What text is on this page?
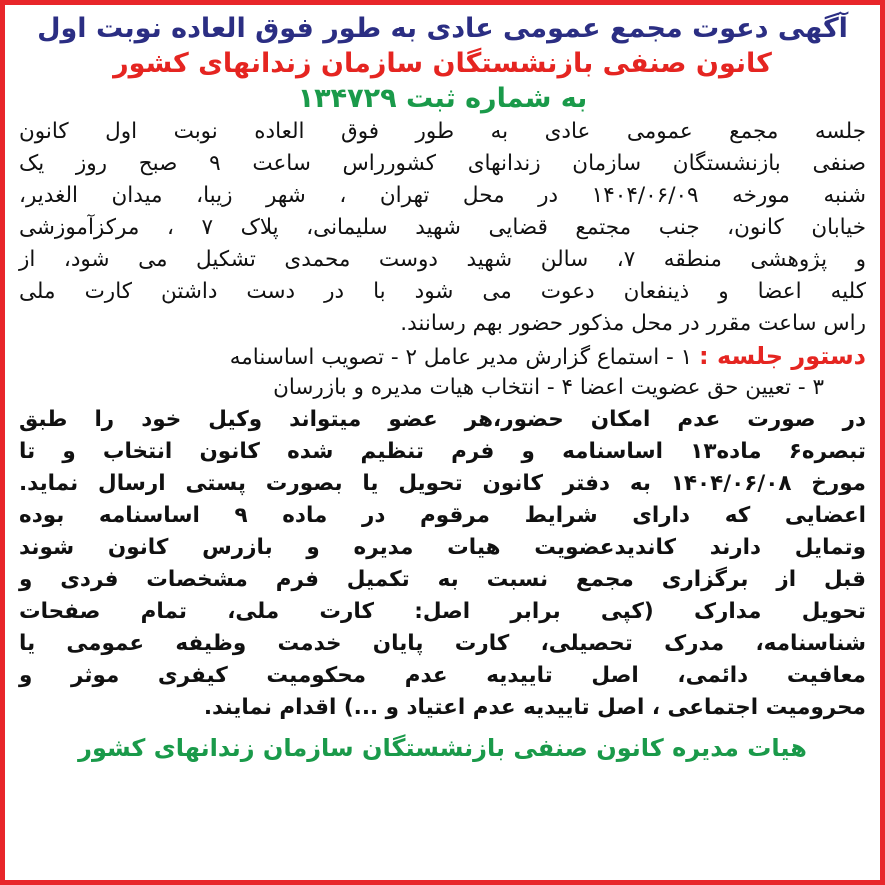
آگهی دعوت مجمع عمومی عادی به طور فوق العاده نوبت اول
کانون صنفی بازنشستگان سازمان زندانهای کشور
به شماره ثبت ۱۳۴۷۲۹
جلسه مجمع عمومی عادی به طور فوق العاده نوبت اول کانون
صنفی بازنشستگان سازمان زندانهای کشورراس ساعت ۹ صبح روز یک
شنبه مورخه ۱۴۰۴/۰۶/۰۹ در محل تهران ، شهر زیبا، میدان الغدیر،
خیابان کانون، جنب مجتمع قضایی شهید سلیمانی، پلاک ۷ ، مرکزآموزشی
و پژوهشی منطقه ۷، سالن شهید دوست محمدی تشکیل می شود، از
کلیه اعضا و ذینفعان دعوت می شود با در دست داشتن کارت ملی
راس ساعت مقرر در محل مذکور حضور بهم رسانند.
دستور جلسه : ۱ - استماع گزارش مدیر عامل ۲ - تصویب اساسنامه
۳ - تعیین حق عضویت اعضا ۴ - انتخاب هیات مدیره و بازرسان
در صورت عدم امکان حضور،هر عضو میتواند وکیل خود را طبق
تبصره۶ ماده۱۳ اساسنامه و فرم تنظیم شده کانون انتخاب و تا
مورخ ۱۴۰۴/۰۶/۰۸ به دفتر کانون تحویل یا بصورت پستی ارسال نماید.
اعضایی که دارای شرایط مرقوم در ماده ۹ اساسنامه بوده
وتمایل دارند کاندیدعضویت هیات مدیره و بازرس کانون شوند
قبل از برگزاری مجمع نسبت به تکمیل فرم مشخصات فردی و
تحویل مدارک (کپی برابر اصل: کارت ملی، تمام صفحات
شناسنامه، مدرک تحصیلی، کارت پایان خدمت وظیفه عمومی یا
معافیت دائمی، اصل تاییدیه عدم محکومیت کیفری موثر و
محرومیت اجتماعی ، اصل تاییدیه عدم اعتیاد و ...) اقدام نمایند.
هیات مدیره کانون صنفی بازنشستگان سازمان زندانهای کشور
